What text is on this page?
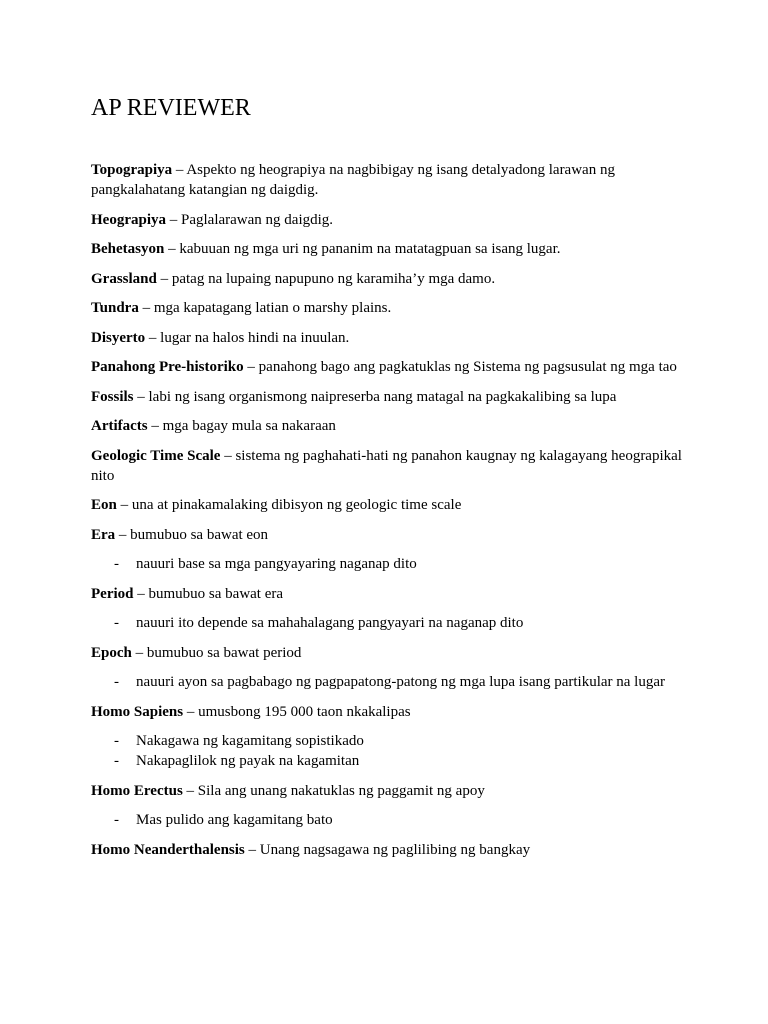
AP REVIEWER

Topograpiya – Aspekto ng heograpiya na nagbibigay ng isang detalyadong larawan ng pangkalahatang katangian ng daigdig.

Heograpiya – Paglalarawan ng daigdig.

Behetasyon – kabuuan ng mga uri ng pananim na matatagpuan sa isang lugar.

Grassland – patag na lupaing napupuno ng karamiha’y mga damo.

Tundra – mga kapatagang latian o marshy plains.

Disyerto – lugar na halos hindi na inuulan.

Panahong Pre-historiko – panahong bago ang pagkatuklas ng Sistema ng pagsusulat ng mga tao

Fossils – labi ng isang organismong naipreserba nang matagal na pagkakalibing sa lupa

Artifacts – mga bagay mula sa nakaraan

Geologic Time Scale – sistema ng paghahati-hati ng panahon kaugnay ng kalagayang heograpikal nito

Eon – una at pinakamalaking dibisyon ng geologic time scale

Era – bumubuo sa bawat eon

- nauuri base sa mga pangyayaring naganap dito

Period – bumubuo sa bawat era

- nauuri ito depende sa mahahalagang pangyayari na naganap dito

Epoch – bumubuo sa bawat period

- nauuri ayon sa pagbabago ng pagpapatong-patong ng mga lupa isang partikular na lugar

Homo Sapiens – umusbong 195 000 taon nkakalipas

- Nakagawa ng kagamitang sopistikado
- Nakapaglilok ng payak na kagamitan

Homo Erectus – Sila ang unang nakatuklas ng paggamit ng apoy

- Mas pulido ang kagamitang bato

Homo Neanderthalensis – Unang nagsagawa ng paglilibing ng bangkay
